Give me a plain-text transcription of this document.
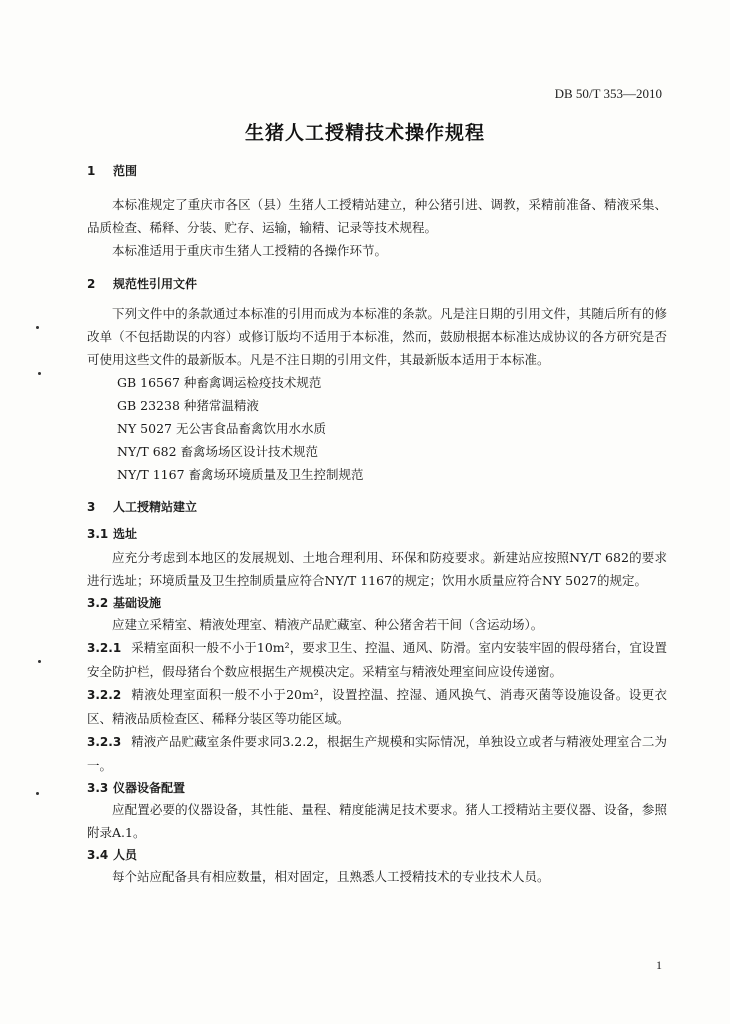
DB 50/T 353—2010
生猪人工授精技术操作规程
1 范围

本标准规定了重庆市各区（县）生猪人工授精站建立，种公猪引进、调教，采精前准备、精液采集、品质检查、稀释、分装、贮存、运输，输精、记录等技术规程。

本标准适用于重庆市生猪人工授精的各操作环节。

2 规范性引用文件

下列文件中的条款通过本标准的引用而成为本标准的条款。凡是注日期的引用文件，其随后所有的修改单（不包括勘误的内容）或修订版均不适用于本标准，然而，鼓励根据本标准达成协议的各方研究是否可使用这些文件的最新版本。凡是不注日期的引用文件，其最新版本适用于本标准。

GB 16567 种畜禽调运检疫技术规范

GB 23238 种猪常温精液

NY 5027 无公害食品畜禽饮用水水质

NY/T 682 畜禽场场区设计技术规范

NY/T 1167 畜禽场环境质量及卫生控制规范

3 人工授精站建立
3.1 选址

应充分考虑到本地区的发展规划、土地合理利用、环保和防疫要求。新建站应按照NY/T 682的要求进行选址；环境质量及卫生控制质量应符合NY/T 1167的规定；饮用水质量应符合NY 5027的规定。

3.2 基础设施

应建立采精室、精液处理室、精液产品贮藏室、种公猪舍若干间（含运动场）。

3.2.1 采精室面积一般不小于10m²，要求卫生、控温、通风、防滑。室内安装牢固的假母猪台，宜设置安全防护栏，假母猪台个数应根据生产规模决定。采精室与精液处理室间应设传递窗。

3.2.2 精液处理室面积一般不小于20m²，设置控温、控湿、通风换气、消毒灭菌等设施设备。设更衣区、精液品质检查区、稀释分装区等功能区域。

3.2.3 精液产品贮藏室条件要求同3.2.2，根据生产规模和实际情况，单独设立或者与精液处理室合二为一。

3.3 仪器设备配置

应配置必要的仪器设备，其性能、量程、精度能满足技术要求。猪人工授精站主要仪器、设备，参照附录A.1。

3.4 人员

每个站应配备具有相应数量，相对固定，且熟悉人工授精技术的专业技术人员。

1
